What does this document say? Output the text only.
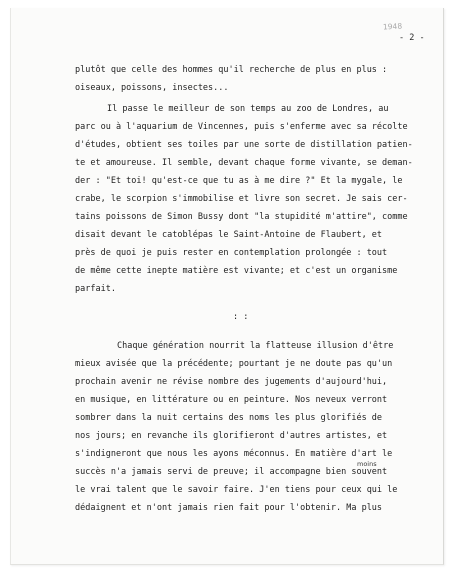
1948
- 2 -
plutôt que celle des hommes qu'il recherche de plus en plus :
oiseaux, poissons, insectes...
Il passe le meilleur de son temps au zoo de Londres, au
parc ou à l'aquarium de Vincennes, puis s'enferme avec sa récolte
d'études, obtient ses toiles par une sorte de distillation patien-
te et amoureuse. Il semble, devant chaque forme vivante, se deman-
der : "Et toi! qu'est-ce que tu as à me dire ?" Et la mygale, le
crabe, le scorpion s'immobilise et livre son secret. Je sais cer-
tains poissons de Simon Bussy dont "la stupidité m'attire", comme
disait devant le catoblépas le Saint-Antoine de Flaubert, et
près de quoi je puis rester en contemplation prolongée : tout
de même cette inepte matière est vivante; et c'est un organisme
parfait.
: :
Chaque génération nourrit la flatteuse illusion d'être
mieux avisée que la précédente; pourtant je ne doute pas qu'un
prochain avenir ne révise nombre des jugements d'aujourd'hui,
en musique, en littérature ou en peinture. Nos neveux verront
sombrer dans la nuit certains des noms les plus glorifiés de
nos jours; en revanche ils glorifieront d'autres artistes, et
s'indigneront que nous les ayons méconnus. En matière d'art le
moins
succès n'a jamais servi de preuve; il accompagne bien souvent
le vrai talent que le savoir faire. J'en tiens pour ceux qui le
dédaignent et n'ont jamais rien fait pour l'obtenir. Ma plus
